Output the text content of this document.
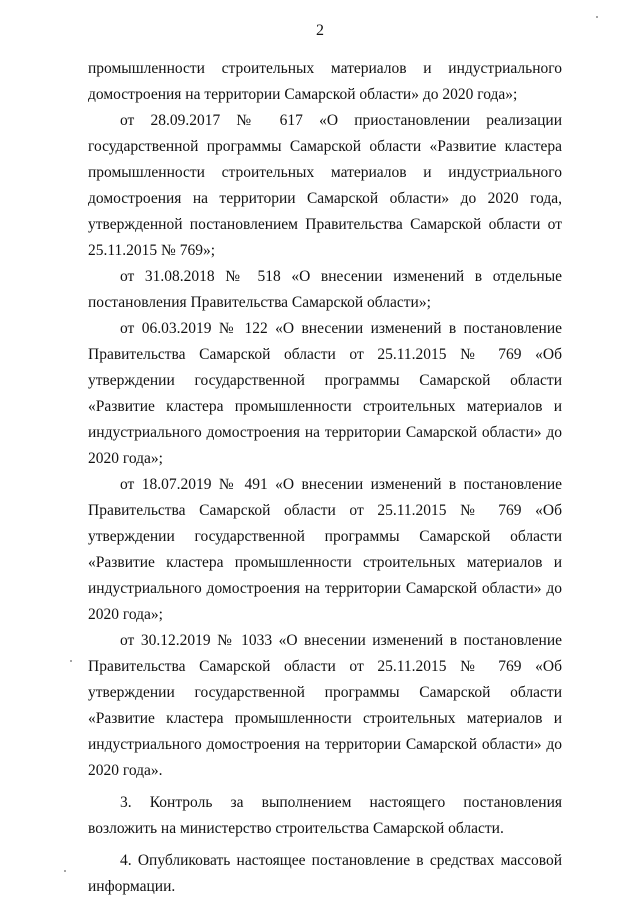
2

промышленности строительных материалов и индустриального домостроения на территории Самарской области» до 2020 года»;

от 28.09.2017 № 617 «О приостановлении реализации государственной программы Самарской области «Развитие кластера промышленности строительных материалов и индустриального домостроения на территории Самарской области» до 2020 года, утвержденной постановлением Правительства Самарской области от 25.11.2015 № 769»;

от 31.08.2018 № 518 «О внесении изменений в отдельные постановления Правительства Самарской области»;

от 06.03.2019 № 122 «О внесении изменений в постановление Правительства Самарской области от 25.11.2015 № 769 «Об утверждении государственной программы Самарской области «Развитие кластера промышленности строительных материалов и индустриального домостроения на территории Самарской области» до 2020 года»;

от 18.07.2019 № 491 «О внесении изменений в постановление Правительства Самарской области от 25.11.2015 № 769 «Об утверждении государственной программы Самарской области «Развитие кластера промышленности строительных материалов и индустриального домостроения на территории Самарской области» до 2020 года»;

от 30.12.2019 № 1033 «О внесении изменений в постановление Правительства Самарской области от 25.11.2015 № 769 «Об утверждении государственной программы Самарской области «Развитие кластера промышленности строительных материалов и индустриального домостроения на территории Самарской области» до 2020 года».

3. Контроль за выполнением настоящего постановления возложить на министерство строительства Самарской области.

4. Опубликовать настоящее постановление в средствах массовой информации.
